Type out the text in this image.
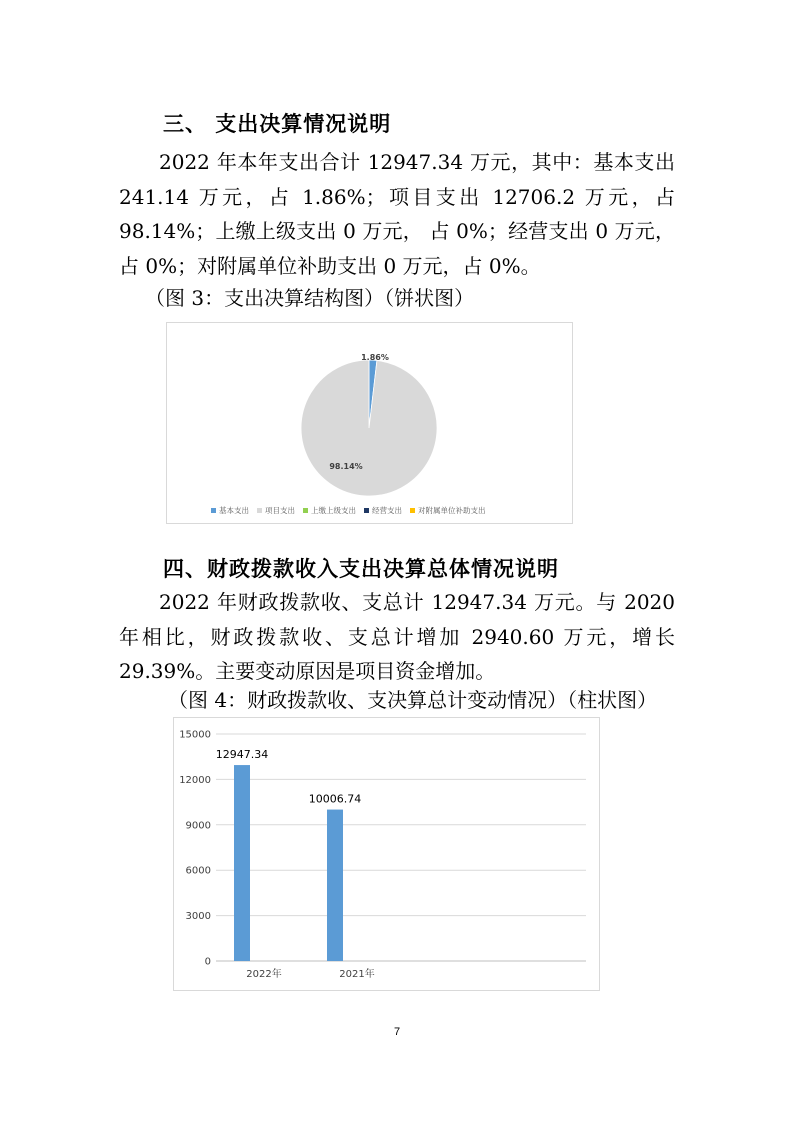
三、 支出决算情况说明

2022 年本年支出合计 12947.34 万元，其中：基本支出 241.14 万元，占 1.86%；项目支出 12706.2 万元，占 98.14%；上缴上级支出 0 万元， 占 0%；经营支出 0 万元， 占 0%；对附属单位补助支出 0 万元，占 0%。

（图 3：支出决算结构图）（饼状图）
1.86%
98.14%
基本支出 项目支出 上缴上级支出 经营支出 对附属单位补助支出
四、财政拨款收入支出决算总体情况说明

2022 年财政拨款收、支总计 12947.34 万元。与 2020 年相比，财政拨款收、支总计增加 2940.60 万元，增长 29.39%。主要变动原因是项目资金增加。

（图 4：财政拨款收、支决算总计变动情况）（柱状图）
0
3000
6000
9000
12000
15000
12947.34
2022年
10006.74
2021年
7
